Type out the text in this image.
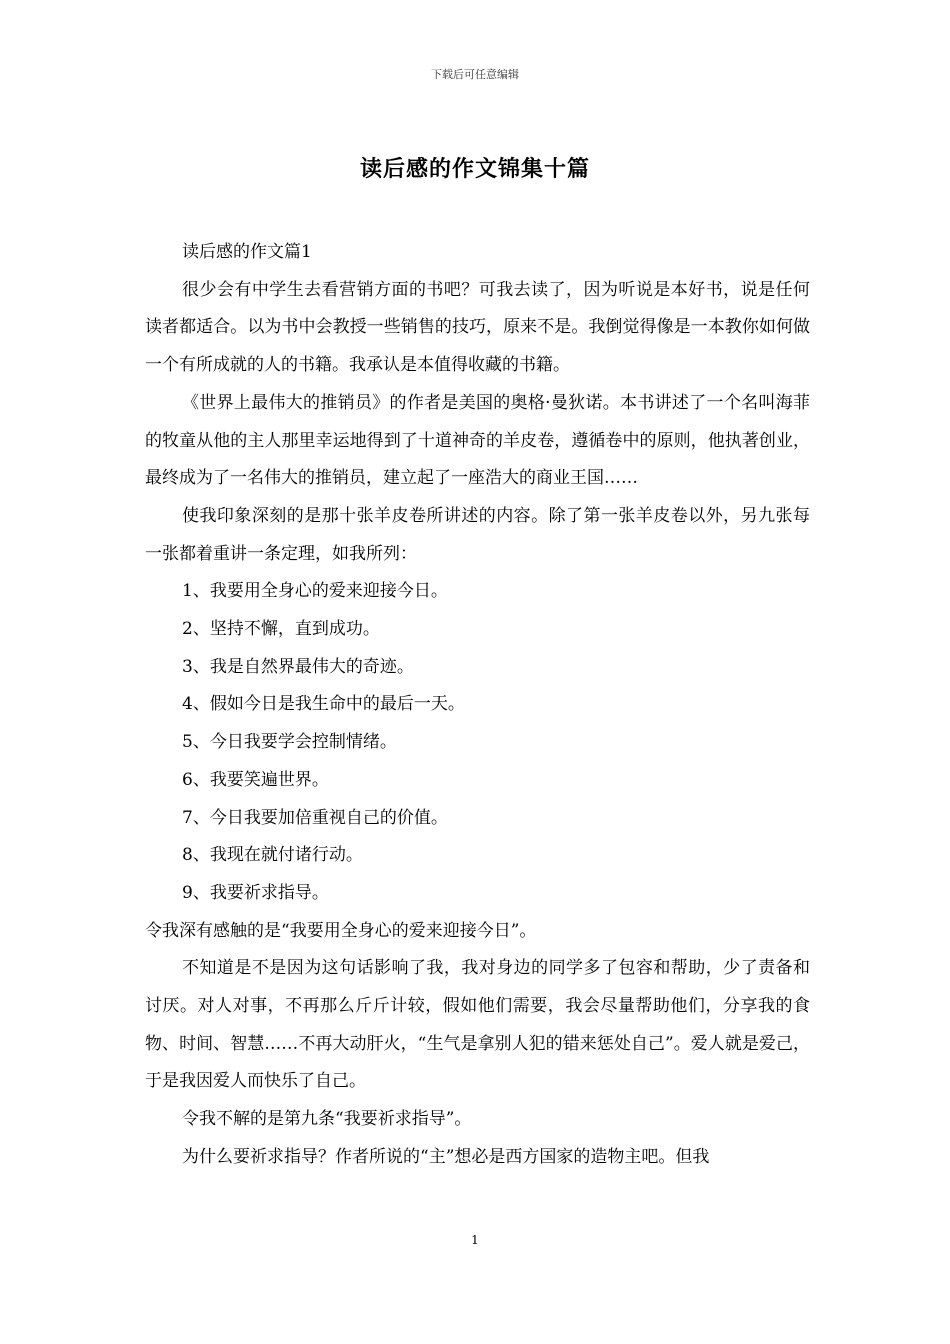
下载后可任意编辑
读后感的作文锦集十篇

读后感的作文篇1

很少会有中学生去看营销方面的书吧？可我去读了，因为听说是本好书，说是任何读者都适合。以为书中会教授一些销售的技巧，原来不是。我倒觉得像是一本教你如何做一个有所成就的人的书籍。我承认是本值得收藏的书籍。

《世界上最伟大的推销员》的作者是美国的奥格·曼狄诺。本书讲述了一个名叫海菲的牧童从他的主人那里幸运地得到了十道神奇的羊皮卷，遵循卷中的原则，他执著创业，最终成为了一名伟大的推销员，建立起了一座浩大的商业王国……

使我印象深刻的是那十张羊皮卷所讲述的内容。除了第一张羊皮卷以外，另九张每一张都着重讲一条定理，如我所列：

1、我要用全身心的爱来迎接今日。

2、坚持不懈，直到成功。

3、我是自然界最伟大的奇迹。

4、假如今日是我生命中的最后一天。

5、今日我要学会控制情绪。

6、我要笑遍世界。

7、今日我要加倍重视自己的价值。

8、我现在就付诸行动。

9、我要祈求指导。

令我深有感触的是“我要用全身心的爱来迎接今日”。

不知道是不是因为这句话影响了我，我对身边的同学多了包容和帮助，少了责备和讨厌。对人对事，不再那么斤斤计较，假如他们需要，我会尽量帮助他们，分享我的食物、时间、智慧……不再大动肝火，“生气是拿别人犯的错来惩处自己”。爱人就是爱己，于是我因爱人而快乐了自己。

令我不解的是第九条“我要祈求指导”。

为什么要祈求指导？作者所说的“主”想必是西方国家的造物主吧。但我

1
